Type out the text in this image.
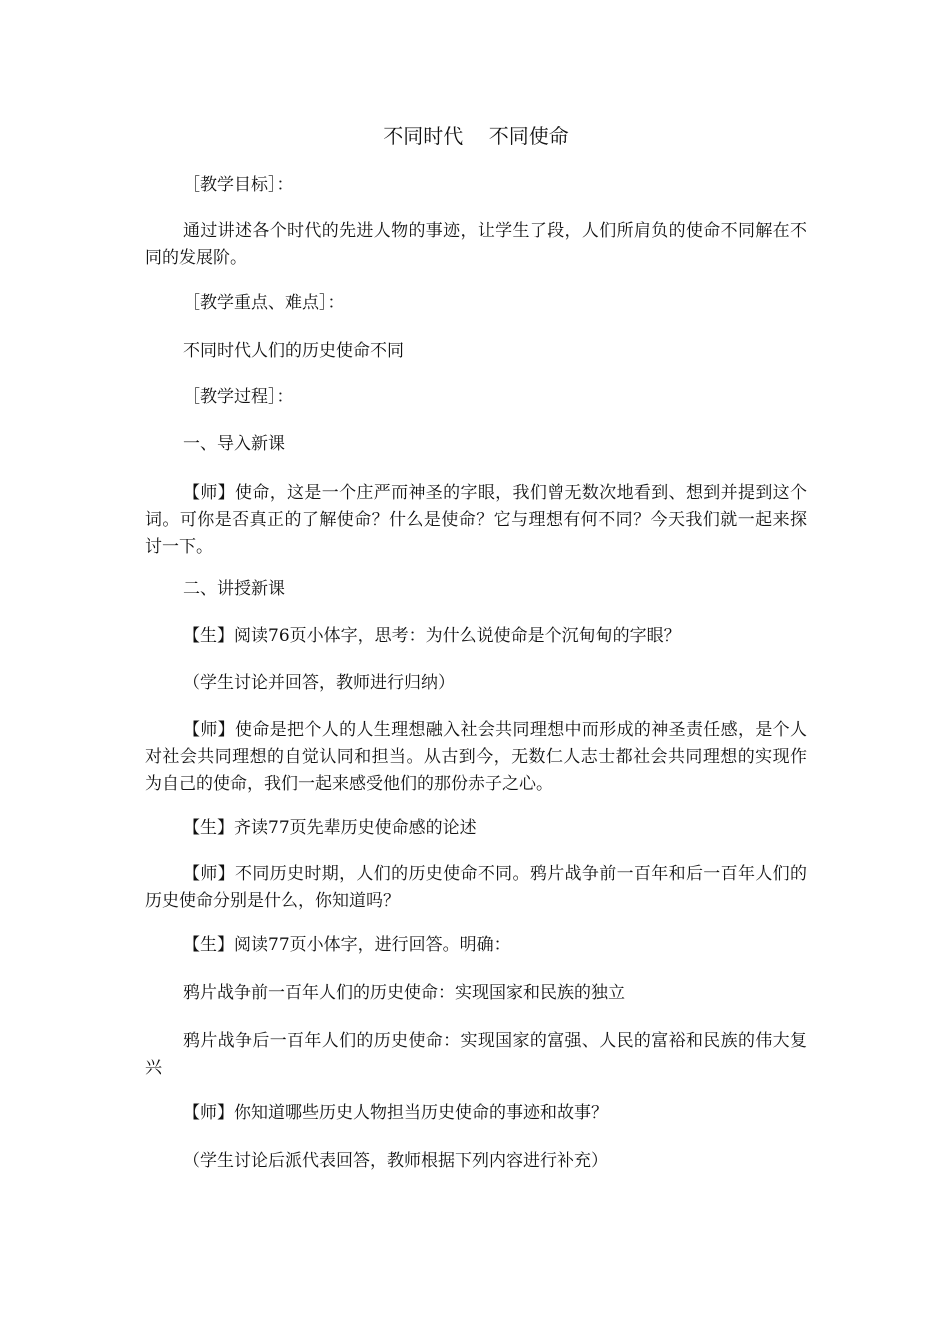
不同时代    不同使命

［教学目标］：

通过讲述各个时代的先进人物的事迹，让学生了段，人们所肩负的使命不同解在不同的发展阶。

［教学重点、难点］：

不同时代人们的历史使命不同

［教学过程］：

一、导入新课

【师】使命，这是一个庄严而神圣的字眼，我们曾无数次地看到、想到并提到这个词。可你是否真正的了解使命？什么是使命？它与理想有何不同？今天我们就一起来探讨一下。

二、讲授新课

【生】阅读76页小体字，思考：为什么说使命是个沉甸甸的字眼？

（学生讨论并回答，教师进行归纳）

【师】使命是把个人的人生理想融入社会共同理想中而形成的神圣责任感，是个人对社会共同理想的自觉认同和担当。从古到今，无数仁人志士都社会共同理想的实现作为自己的使命，我们一起来感受他们的那份赤子之心。

【生】齐读77页先辈历史使命感的论述

【师】不同历史时期，人们的历史使命不同。鸦片战争前一百年和后一百年人们的历史使命分别是什么，你知道吗？

【生】阅读77页小体字，进行回答。明确：

鸦片战争前一百年人们的历史使命：实现国家和民族的独立

鸦片战争后一百年人们的历史使命：实现国家的富强、人民的富裕和民族的伟大复兴

【师】你知道哪些历史人物担当历史使命的事迹和故事？

（学生讨论后派代表回答，教师根据下列内容进行补充）
